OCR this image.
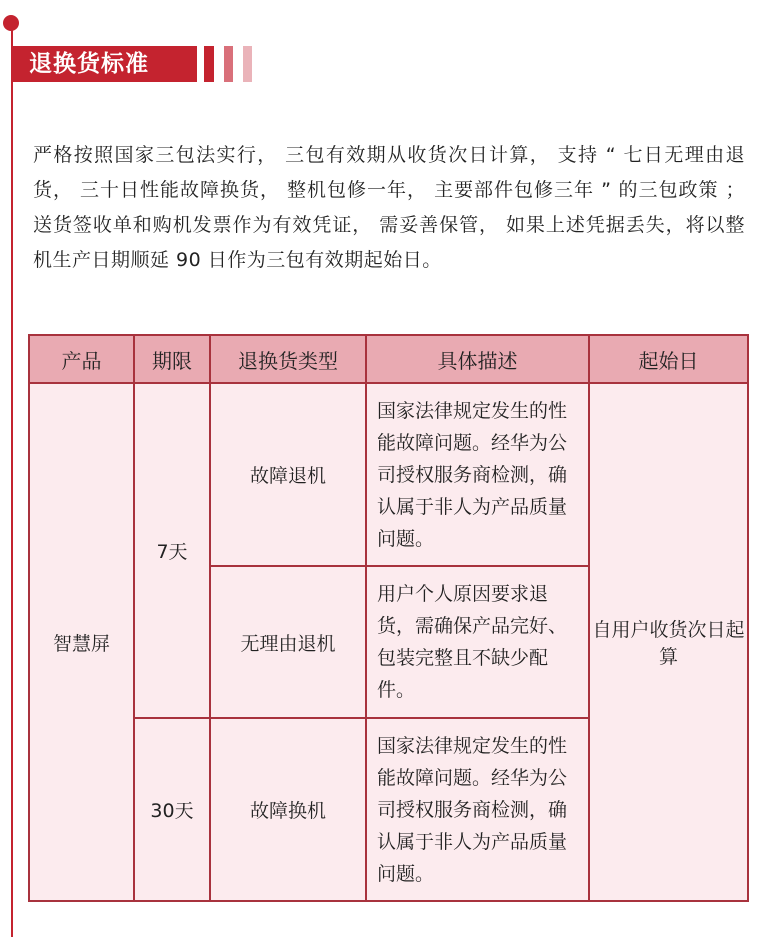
退换货标准

严格按照国家三包法实行， 三包有效期从收货次日计算， 支持 “ 七日无理由退货， 三十日性能故障换货， 整机包修一年， 主要部件包修三年 ” 的三包政策 ； 送货签收单和购机发票作为有效凭证， 需妥善保管， 如果上述凭据丢失，将以整机生产日期顺延 90 日作为三包有效期起始日。

产品	期限	退换货类型	具体描述	起始日
智慧屏	7天	故障退机	国家法律规定发生的性能故障问题。经华为公司授权服务商检测，确认属于非人为产品质量问题。	自用户收货次日起算
		无理由退机	用户个人原因要求退货，需确保产品完好、包装完整且不缺少配件。	
	30天	故障换机	国家法律规定发生的性能故障问题。经华为公司授权服务商检测，确认属于非人为产品质量问题。	
